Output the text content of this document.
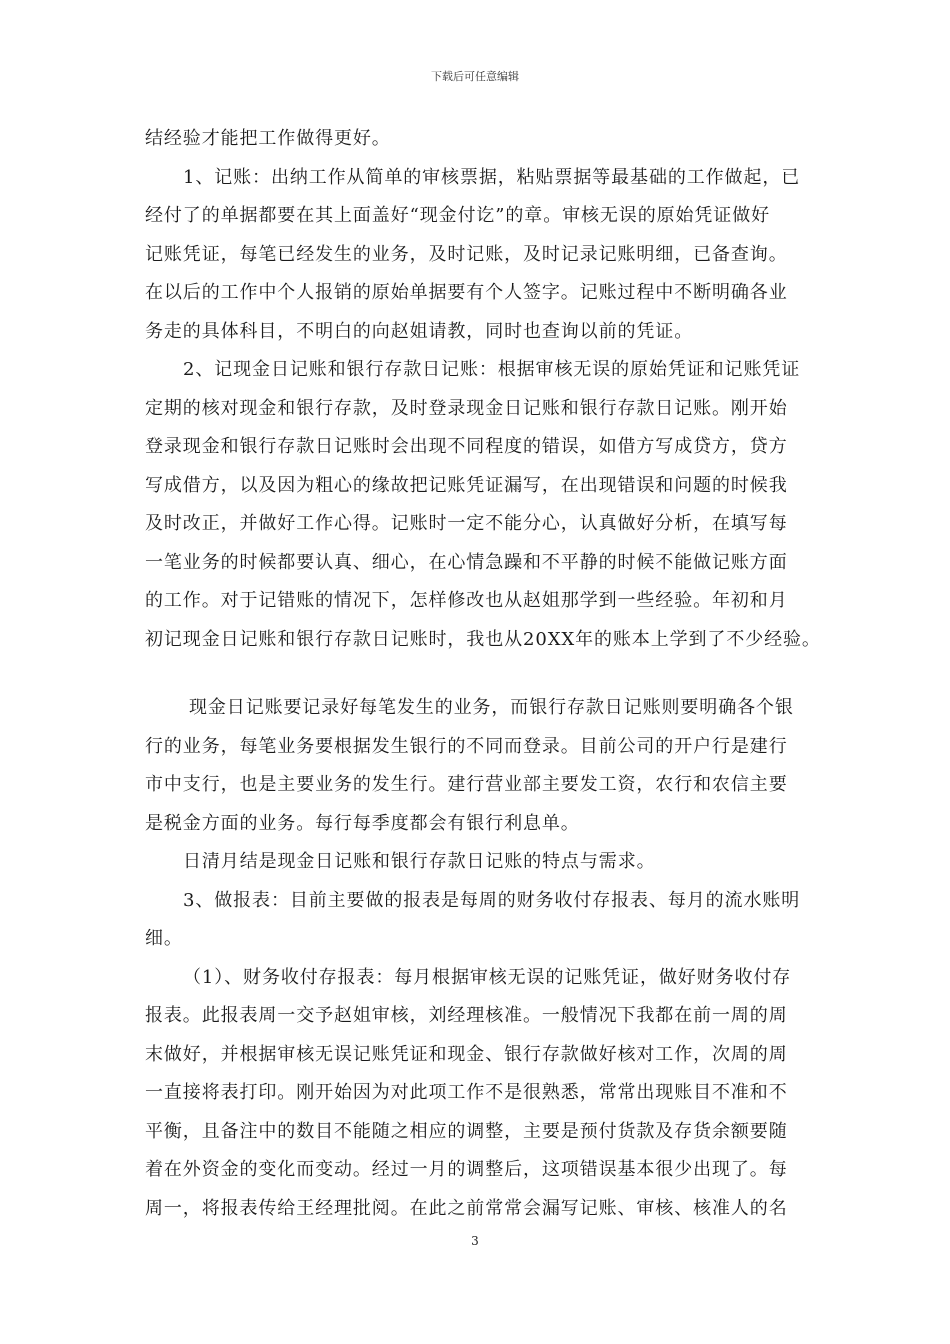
下载后可任意编辑
结经验才能把工作做得更好。
1、记账：出纳工作从简单的审核票据，粘贴票据等最基础的工作做起，已
经付了的单据都要在其上面盖好“现金付讫”的章。审核无误的原始凭证做好
记账凭证，每笔已经发生的业务，及时记账，及时记录记账明细，已备查询。
在以后的工作中个人报销的原始单据要有个人签字。记账过程中不断明确各业
务走的具体科目，不明白的向赵姐请教，同时也查询以前的凭证。
2、记现金日记账和银行存款日记账：根据审核无误的原始凭证和记账凭证
定期的核对现金和银行存款，及时登录现金日记账和银行存款日记账。刚开始
登录现金和银行存款日记账时会出现不同程度的错误，如借方写成贷方，贷方
写成借方，以及因为粗心的缘故把记账凭证漏写，在出现错误和问题的时候我
及时改正，并做好工作心得。记账时一定不能分心，认真做好分析，在填写每
一笔业务的时候都要认真、细心，在心情急躁和不平静的时候不能做记账方面
的工作。对于记错账的情况下，怎样修改也从赵姐那学到一些经验。年初和月
初记现金日记账和银行存款日记账时，我也从20XX年的账本上学到了不少经验。
现金日记账要记录好每笔发生的业务，而银行存款日记账则要明确各个银
行的业务，每笔业务要根据发生银行的不同而登录。目前公司的开户行是建行
市中支行，也是主要业务的发生行。建行营业部主要发工资，农行和农信主要
是税金方面的业务。每行每季度都会有银行利息单。
日清月结是现金日记账和银行存款日记账的特点与需求。
3、做报表：目前主要做的报表是每周的财务收付存报表、每月的流水账明
细。
（1）、财务收付存报表：每月根据审核无误的记账凭证，做好财务收付存
报表。此报表周一交予赵姐审核，刘经理核准。一般情况下我都在前一周的周
末做好，并根据审核无误记账凭证和现金、银行存款做好核对工作，次周的周
一直接将表打印。刚开始因为对此项工作不是很熟悉，常常出现账目不准和不
平衡，且备注中的数目不能随之相应的调整，主要是预付货款及存货余额要随
着在外资金的变化而变动。经过一月的调整后，这项错误基本很少出现了。每
周一，将报表传给王经理批阅。在此之前常常会漏写记账、审核、核准人的名
3
